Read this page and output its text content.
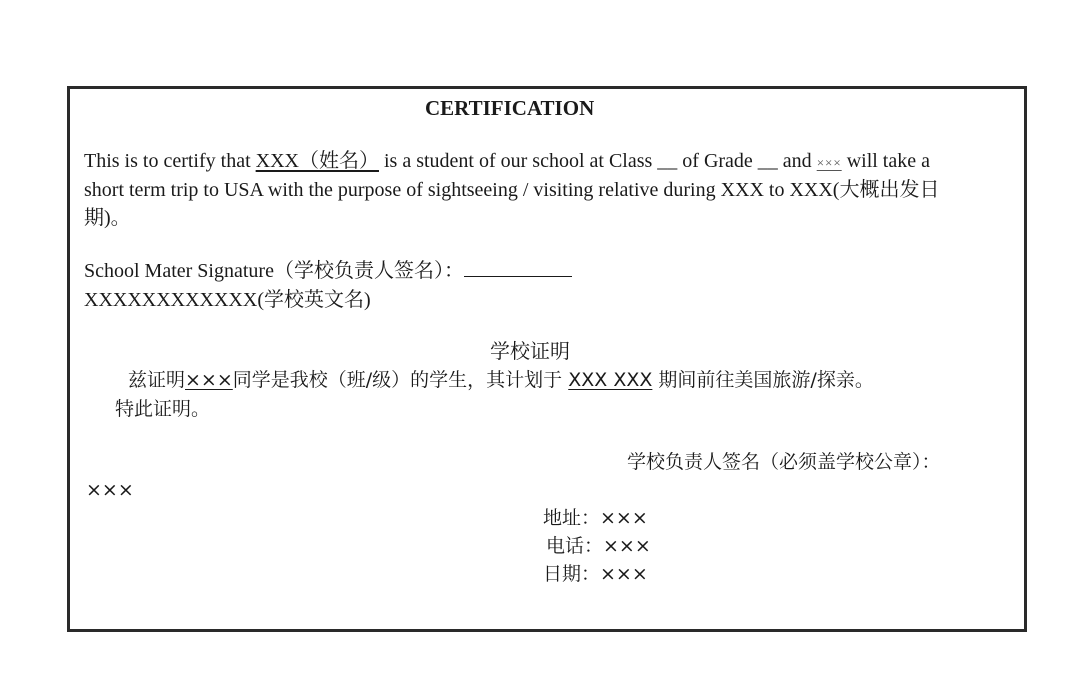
CERTIFICATION
This is to certify that XXX（姓名） is a student of our school at Class __ of Grade __ and ××× will take a
short term trip to USA with the purpose of sightseeing / visiting relative during XXX to XXX(大概出发日
期)。
School Mater Signature（学校负责人签名）：
XXXXXXXXXXXX(学校英文名)
学校证明
兹证明×××同学是我校（班/级）的学生，其计划于 XXX XXX 期间前往美国旅游/探亲。
特此证明。
学校负责人签名（必须盖学校公章）：
×××
地址：×××
电话：×××
日期：×××
